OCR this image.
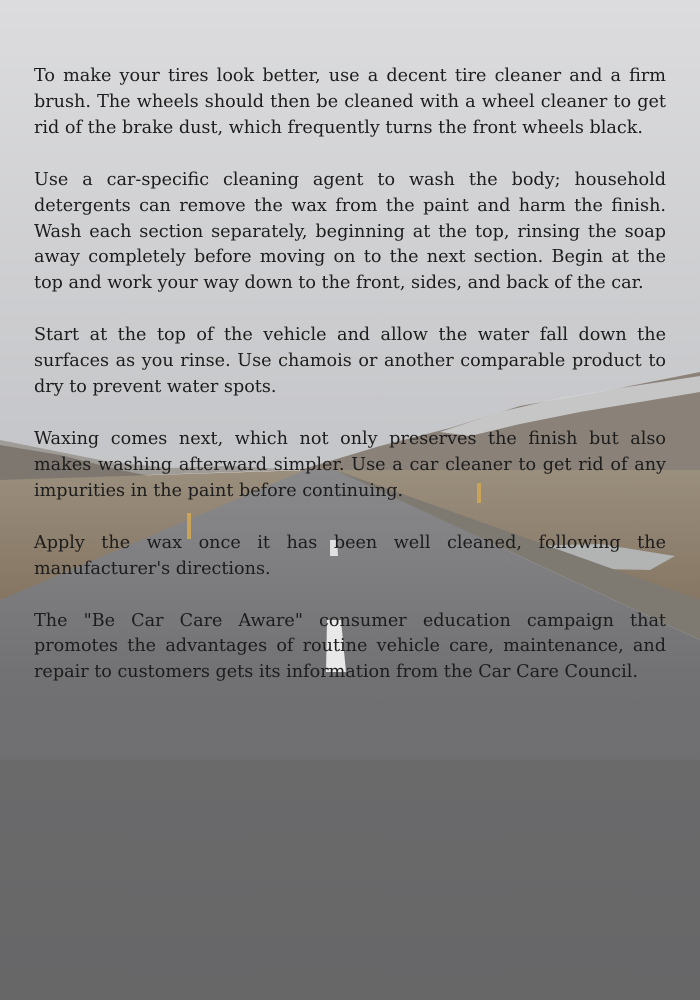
To make your tires look better, use a decent tire cleaner and a firm brush. The wheels should then be cleaned with a wheel cleaner to get rid of the brake dust, which frequently turns the front wheels black.

Use a car-specific cleaning agent to wash the body; household detergents can remove the wax from the paint and harm the finish. Wash each section separately, beginning at the top, rinsing the soap away completely before moving on to the next section. Begin at the top and work your way down to the front, sides, and back of the car.

Start at the top of the vehicle and allow the water fall down the surfaces as you rinse. Use chamois or another comparable product to dry to prevent water spots.

Waxing comes next, which not only preserves the finish but also makes washing afterward simpler. Use a car cleaner to get rid of any impurities in the paint before continuing.

Apply the wax once it has been well cleaned, following the manufacturer's directions.

The "Be Car Care Aware" consumer education campaign that promotes the advantages of routine vehicle care, maintenance, and repair to customers gets its information from the Car Care Council.
